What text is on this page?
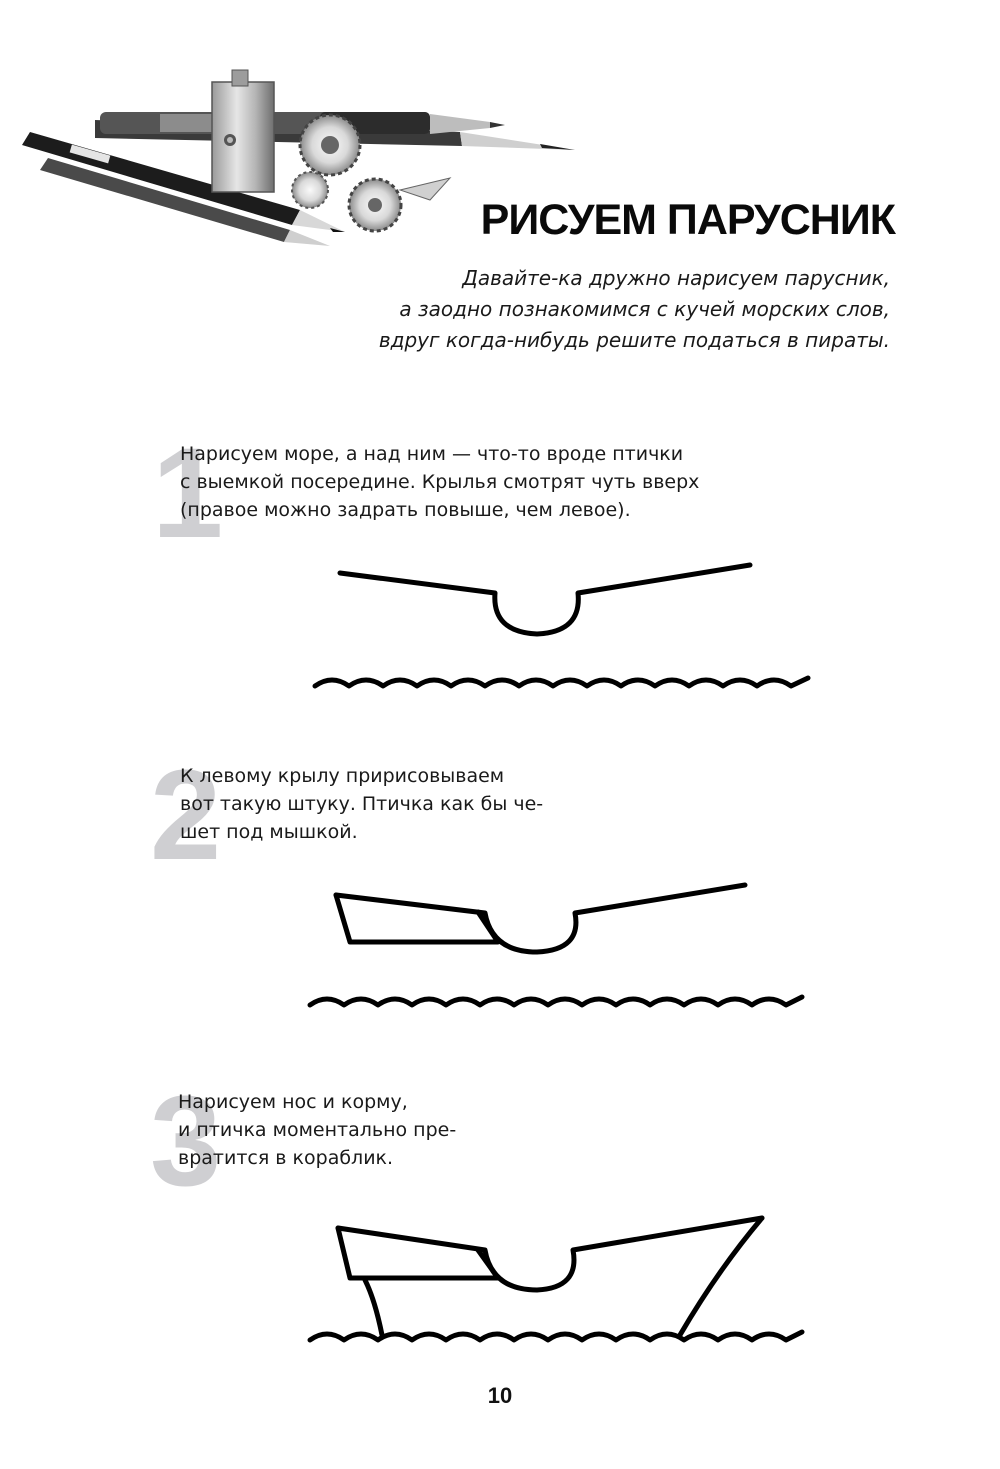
РИСУЕМ ПАРУСНИК
Давайте-ка дружно нарисуем парусник,
а заодно познакомимся с кучей морских слов,
вдруг когда-нибудь решите податься в пираты.
1
Нарисуем море, а над ним — что-то вроде птички
с выемкой посередине. Крылья смотрят чуть вверх
(правое можно задрать повыше, чем левое).
2
К левому крылу пририсовываем
вот такую штуку. Птичка как бы че-
шет под мышкой.
3
Нарисуем нос и корму,
и птичка моментально пре-
вратится в кораблик.
10
